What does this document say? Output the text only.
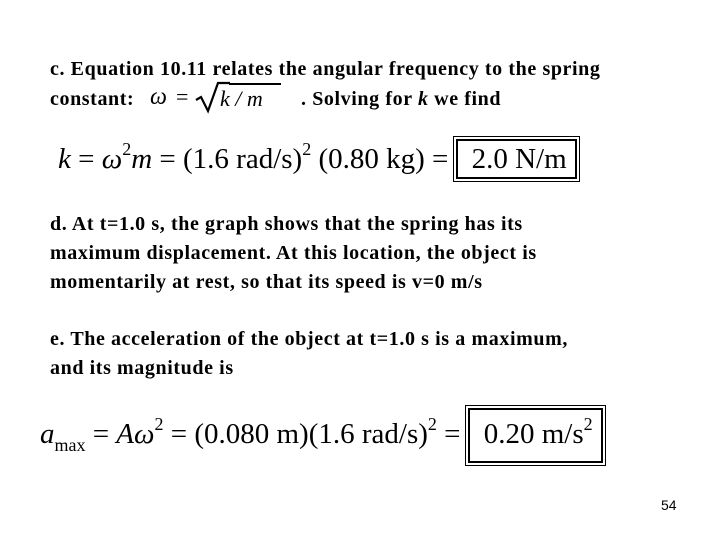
c. Equation 10.11 relates the angular frequency to the spring
constant: ω = k / m . Solving for k we find
$k = \omega^2m = (1.6$ rad/s)$^2$ (0.80 kg) = 2.0 N/m
d. At t=1.0 s, the graph shows that the spring has its
maximum displacement. At this location, the object is
momentarily at rest, so that its speed is v=0 m/s
e. The acceleration of the object at t=1.0 s is a maximum,
and its magnitude is
$a_{max} = A\omega^2 = (0.080$ m)(1.6 rad/s)$^2$ = 0.20 $m/s^2$
54
